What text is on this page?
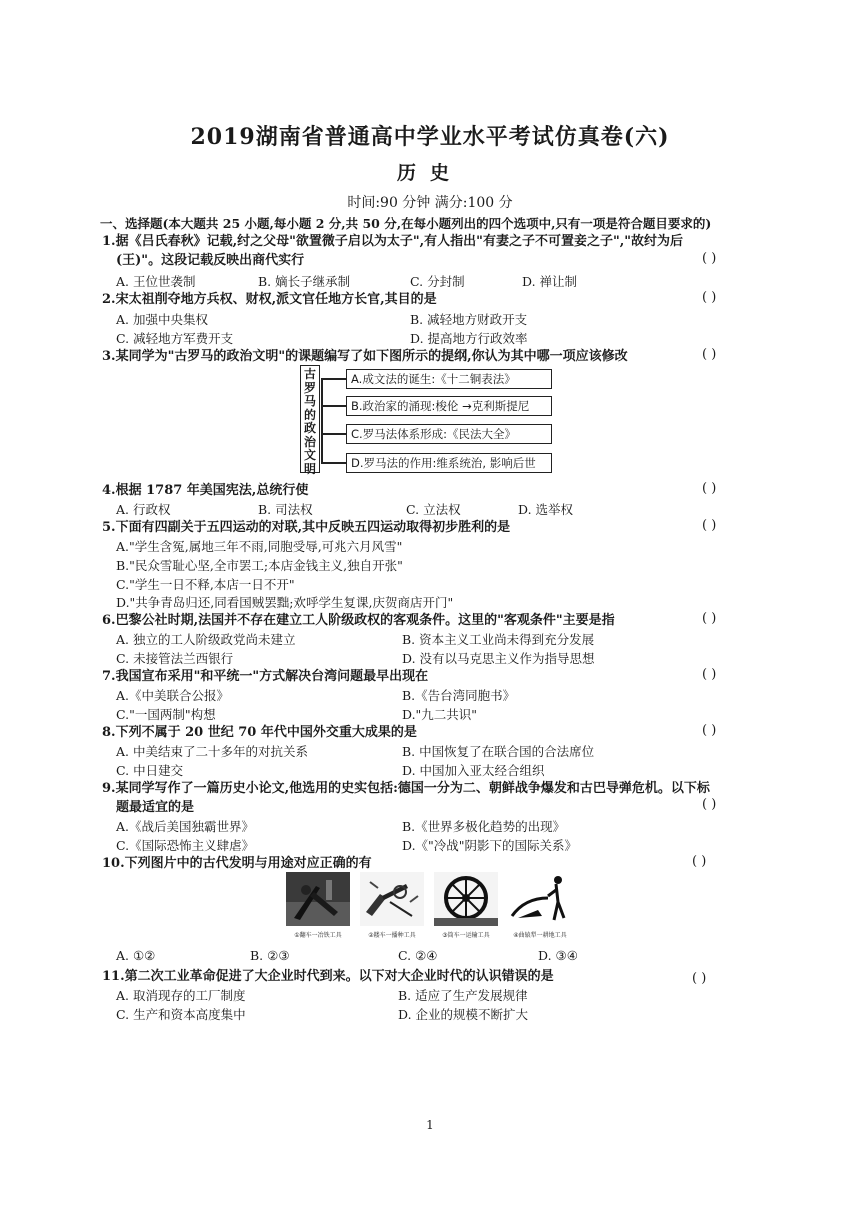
2019湖南省普通高中学业水平考试仿真卷(六)
历史
时间:90 分钟 满分:100 分
一、选择题(本大题共 25 小题,每小题 2 分,共 50 分,在每小题列出的四个选项中,只有一项是符合题目要求的)
1.据《吕氏春秋》记载,纣之父母"欲置微子启以为太子",有人指出"有妻之子不可置妾之子","故纣为后
(王)"。这段记载反映出商代实行	( )
A. 王位世袭制	B. 嫡长子继承制	C. 分封制	D. 禅让制
2.宋太祖削夺地方兵权、财权,派文官任地方长官,其目的是	( )
A. 加强中央集权	B. 减轻地方财政开支
C. 减轻地方军费开支	D. 提高地方行政效率
3.某同学为"古罗马的政治文明"的课题编写了如下图所示的提纲,你认为其中哪一项应该修改	( )
古罗马的政治文明
A.成文法的诞生:《十二铜表法》
B.政治家的涌现:梭伦 →克利斯提尼
C.罗马法体系形成:《民法大全》
D.罗马法的作用:维系统治, 影响后世
4.根据 1787 年美国宪法,总统行使	( )
A. 行政权	B. 司法权	C. 立法权	D. 选举权
5.下面有四副关于五四运动的对联,其中反映五四运动取得初步胜利的是	( )
A."学生含冤,属地三年不雨,同胞受辱,可兆六月风雪"
B."民众雪耻心坚,全市罢工;本店金钱主义,独自开张"
C."学生一日不释,本店一日不开"
D."共争青岛归还,同看国贼罢黜;欢呼学生复课,庆贺商店开门"
6.巴黎公社时期,法国并不存在建立工人阶级政权的客观条件。这里的"客观条件"主要是指	( )
A. 独立的工人阶级政党尚未建立	B. 资本主义工业尚未得到充分发展
C. 未接管法兰西银行	D. 没有以马克思主义作为指导思想
7.我国宣布采用"和平统一"方式解决台湾问题最早出现在	( )
A.《中美联合公报》	B.《告台湾同胞书》
C."一国两制"构想	D."九二共识"
8.下列不属于 20 世纪 70 年代中国外交重大成果的是	( )
A. 中美结束了二十多年的对抗关系	B. 中国恢复了在联合国的合法席位
C. 中日建交	D. 中国加入亚太经合组织
9.某同学写作了一篇历史小论文,他选用的史实包括:德国一分为二、朝鲜战争爆发和古巴导弹危机。以下标
题最适宜的是	( )
A.《战后美国独霸世界》	B.《世界多极化趋势的出现》
C.《国际恐怖主义肆虐》	D.《"冷战"阴影下的国际关系》
10.下列图片中的古代发明与用途对应正确的有	( )
①翻车一冶铁工具	②耧车一播种工具	③筒车一运输工具	④曲辕犁一耕地工具
A. ①②	B. ②③	C. ②④	D. ③④
11.第二次工业革命促进了大企业时代到来。以下对大企业时代的认识错误的是	( )
A. 取消现存的工厂制度	B. 适应了生产发展规律
C. 生产和资本高度集中	D. 企业的规模不断扩大
1
